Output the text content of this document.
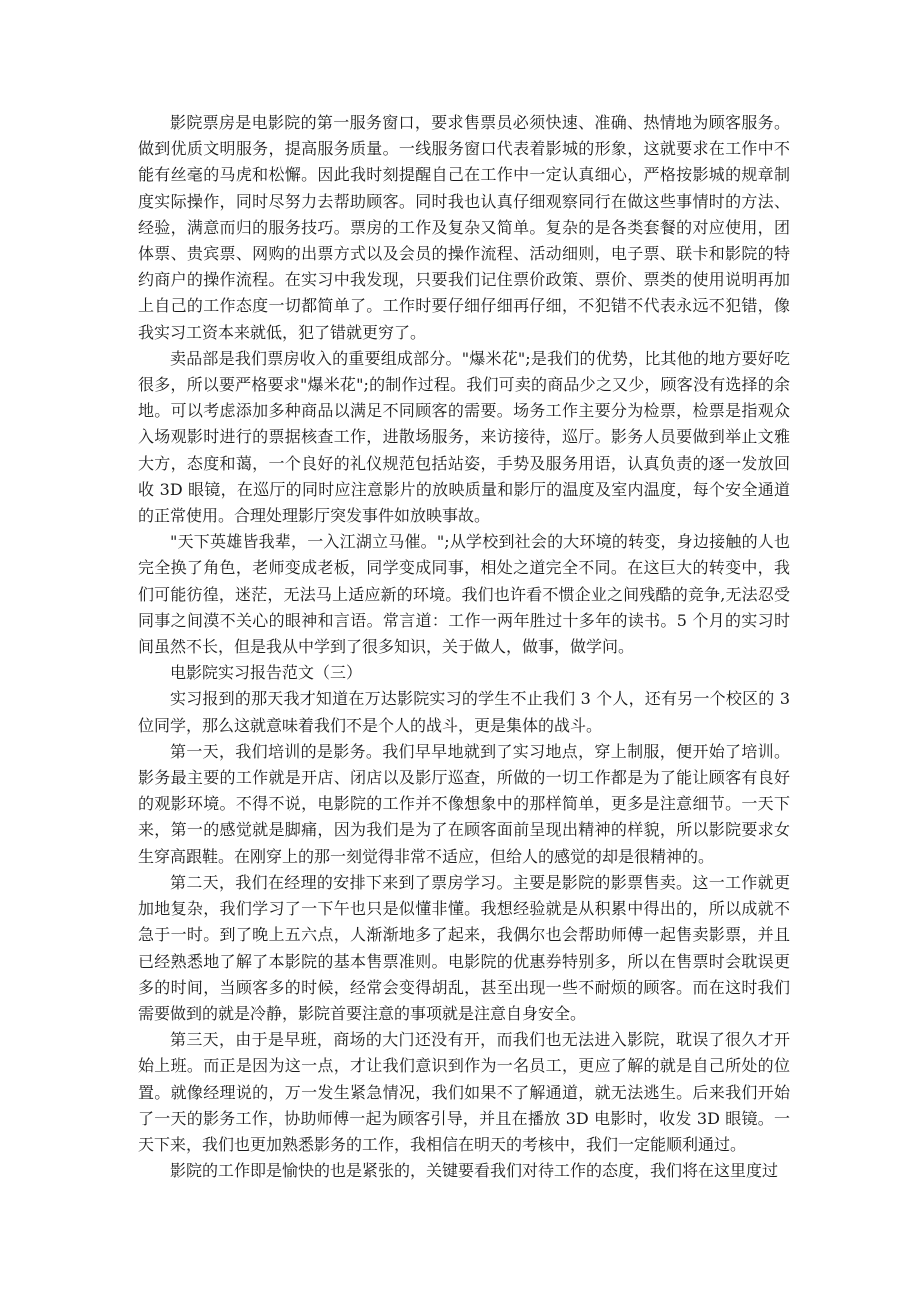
影院票房是电影院的第一服务窗口，要求售票员必须快速、准确、热情地为顾客服务。做到优质文明服务，提高服务质量。一线服务窗口代表着影城的形象，这就要求在工作中不能有丝毫的马虎和松懈。因此我时刻提醒自己在工作中一定认真细心，严格按影城的规章制度实际操作，同时尽努力去帮助顾客。同时我也认真仔细观察同行在做这些事情时的方法、经验，满意而归的服务技巧。票房的工作及复杂又简单。复杂的是各类套餐的对应使用，团体票、贵宾票、网购的出票方式以及会员的操作流程、活动细则，电子票、联卡和影院的特约商户的操作流程。在实习中我发现，只要我们记住票价政策、票价、票类的使用说明再加上自己的工作态度一切都简单了。工作时要仔细仔细再仔细，不犯错不代表永远不犯错，像我实习工资本来就低，犯了错就更穷了。

卖品部是我们票房收入的重要组成部分。"爆米花";是我们的优势，比其他的地方要好吃很多，所以要严格要求"爆米花";的制作过程。我们可卖的商品少之又少，顾客没有选择的余地。可以考虑添加多种商品以满足不同顾客的需要。场务工作主要分为检票，检票是指观众入场观影时进行的票据核查工作，进散场服务，来访接待，巡厅。影务人员要做到举止文雅大方，态度和蔼，一个良好的礼仪规范包括站姿，手势及服务用语，认真负责的逐一发放回收 3D 眼镜，在巡厅的同时应注意影片的放映质量和影厅的温度及室内温度，每个安全通道的正常使用。合理处理影厅突发事件如放映事故。

"天下英雄皆我辈，一入江湖立马催。";从学校到社会的大环境的转变，身边接触的人也完全换了角色，老师变成老板，同学变成同事，相处之道完全不同。在这巨大的转变中，我们可能彷徨，迷茫，无法马上适应新的环境。我们也许看不惯企业之间残酷的竞争,无法忍受同事之间漠不关心的眼神和言语。常言道：工作一两年胜过十多年的读书。5 个月的实习时间虽然不长，但是我从中学到了很多知识，关于做人，做事，做学问。

电影院实习报告范文（三）

实习报到的那天我才知道在万达影院实习的学生不止我们 3 个人，还有另一个校区的 3 位同学，那么这就意味着我们不是个人的战斗，更是集体的战斗。

第一天，我们培训的是影务。我们早早地就到了实习地点，穿上制服，便开始了培训。影务最主要的工作就是开店、闭店以及影厅巡查，所做的一切工作都是为了能让顾客有良好的观影环境。不得不说，电影院的工作并不像想象中的那样简单，更多是注意细节。一天下来，第一的感觉就是脚痛，因为我们是为了在顾客面前呈现出精神的样貌，所以影院要求女生穿高跟鞋。在刚穿上的那一刻觉得非常不适应，但给人的感觉的却是很精神的。

第二天，我们在经理的安排下来到了票房学习。主要是影院的影票售卖。这一工作就更加地复杂，我们学习了一下午也只是似懂非懂。我想经验就是从积累中得出的，所以成就不急于一时。到了晚上五六点，人渐渐地多了起来，我偶尔也会帮助师傅一起售卖影票，并且已经熟悉地了解了本影院的基本售票准则。电影院的优惠券特别多，所以在售票时会耽误更多的时间，当顾客多的时候，经常会变得胡乱，甚至出现一些不耐烦的顾客。而在这时我们需要做到的就是冷静，影院首要注意的事项就是注意自身安全。

第三天，由于是早班，商场的大门还没有开，而我们也无法进入影院，耽误了很久才开始上班。而正是因为这一点，才让我们意识到作为一名员工，更应了解的就是自己所处的位置。就像经理说的，万一发生紧急情况，我们如果不了解通道，就无法逃生。后来我们开始了一天的影务工作，协助师傅一起为顾客引导，并且在播放 3D 电影时，收发 3D 眼镜。一天下来，我们也更加熟悉影务的工作，我相信在明天的考核中，我们一定能顺利通过。

影院的工作即是愉快的也是紧张的，关键要看我们对待工作的态度，我们将在这里度过
